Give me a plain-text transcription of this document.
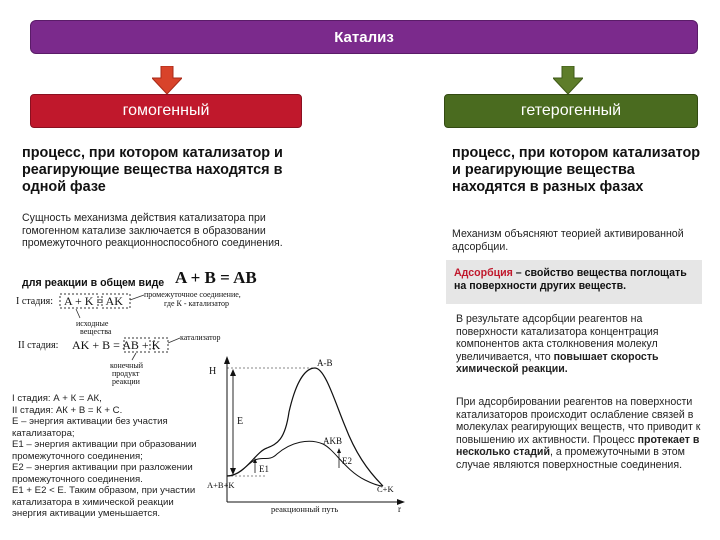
Катализ
гомогенный	гетерогенный
процесс, при котором катализатор и реагирующие вещества находятся в одной фазе
Сущность механизма действия катализатора при гомогенном катализе заключается в образовании промежуточного реакционноспособного соединения.
для реакции в общем виде A + B = AB
I стадия: A + K = AK	промежуточное соединение,
где К - катализатор
исходные
вещества
II стадия: AK + B = AB + K
катализатор
конечный
продукт
реакции
I стадия: А + К = АК,
II стадия: АК + В = К + С.
Е – энергия активации без участия катализатора;
Е1 – энергия активации при образовании промежуточного соединения;
Е2 – энергия активации при разложении промежуточного соединения.
Е1 + Е2 < Е. Таким образом, при участии катализатора в химической реакции энергия активации уменьшается.
H
r
реакционный путь
E
E1
E2
A-B
AKB
A+B+K	C+K
процесс, при котором катализатор и реагирующие вещества находятся в разных фазах
Механизм объясняют теорией активированной адсорбции.
Адсорбция – свойство вещества поглощать на поверхности других веществ.
В результате адсорбции реагентов на поверхности катализатора концентрация компонентов акта столкновения молекул увеличивается, что повышает скорость химической реакции.
При адсорбировании реагентов на поверхности катализаторов происходит ослабление связей в молекулах реагирующих веществ, что приводит к повышению их активности. Процесс протекает в несколько стадий, а промежуточными в этом случае являются поверхностные соединения.
